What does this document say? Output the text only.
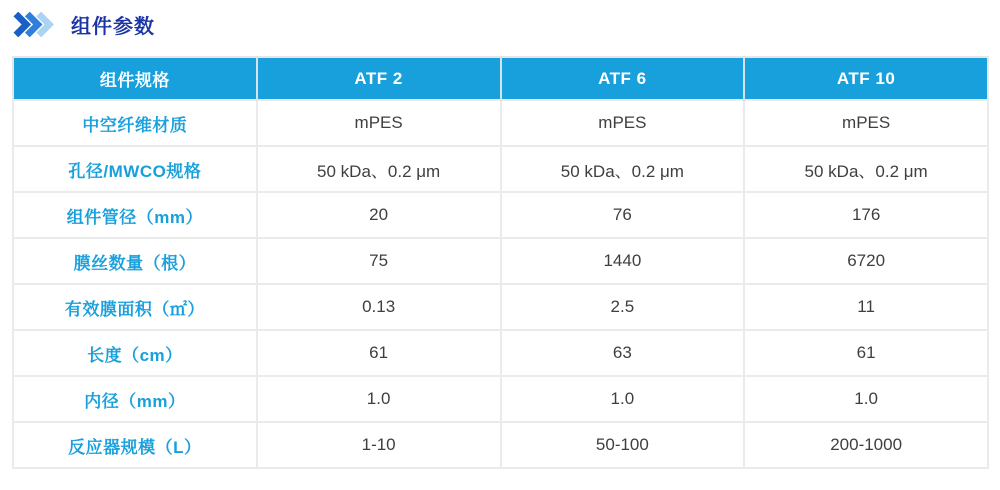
组件参数
组件规格	ATF 2	ATF 6	ATF 10
中空纤维材质	mPES	mPES	mPES
孔径/MWCO规格	50 kDa、0.2 μm	50 kDa、0.2 μm	50 kDa、0.2 μm
组件管径（mm）	20	76	176
膜丝数量（根）	75	1440	6720
有效膜面积（㎡）	0.13	2.5	11
长度（cm）	61	63	61
内径（mm）	1.0	1.0	1.0
反应器规模（L）	1-10	50-100	200-1000
